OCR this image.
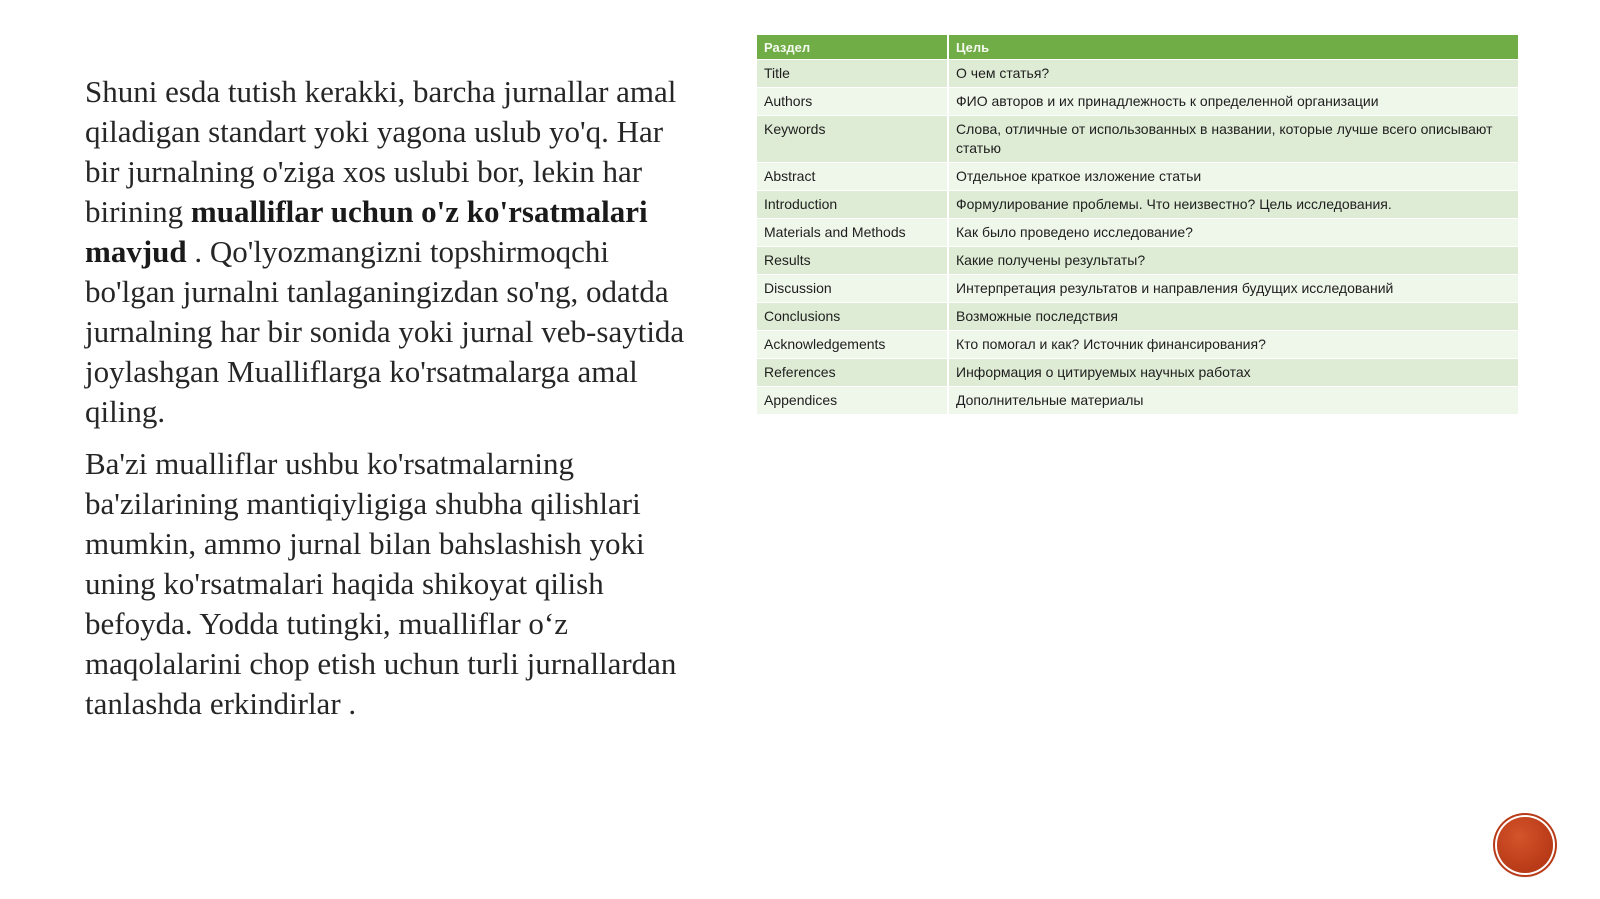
Shuni esda tutish kerakki, barcha jurnallar amal qiladigan standart yoki yagona uslub yo'q. Har bir jurnalning o'ziga xos uslubi bor, lekin har birining mualliflar uchun o'z ko'rsatmalari mavjud . Qo'lyozmangizni topshirmoqchi bo'lgan jurnalni tanlaganingizdan so'ng, odatda jurnalning har bir sonida yoki jurnal veb-saytida joylashgan Mualliflarga ko'rsatmalarga amal qiling.

Ba'zi mualliflar ushbu ko'rsatmalarning ba'zilarining mantiqiyligiga shubha qilishlari mumkin, ammo jurnal bilan bahslashish yoki uning ko'rsatmalari haqida shikoyat qilish befoyda. Yodda tutingki, mualliflar o‘z maqolalarini chop etish uchun turli jurnallardan tanlashda erkindirlar .

Раздел	Цель
Title	О чем статья?
Authors	ФИО авторов и их принадлежность к определенной организации
Keywords	Слова, отличные от использованных в названии, которые лучше всего описывают статью
Abstract	Отдельное краткое изложение статьи
Introduction	Формулирование проблемы. Что неизвестно? Цель исследования.
Materials and Methods	Как было проведено исследование?
Results	Какие получены результаты?
Discussion	Интерпретация результатов и направления будущих исследований
Conclusions	Возможные последствия
Acknowledgements	Кто помогал и как? Источник финансирования?
References	Информация о цитируемых научных работах
Appendices	Дополнительные материалы
